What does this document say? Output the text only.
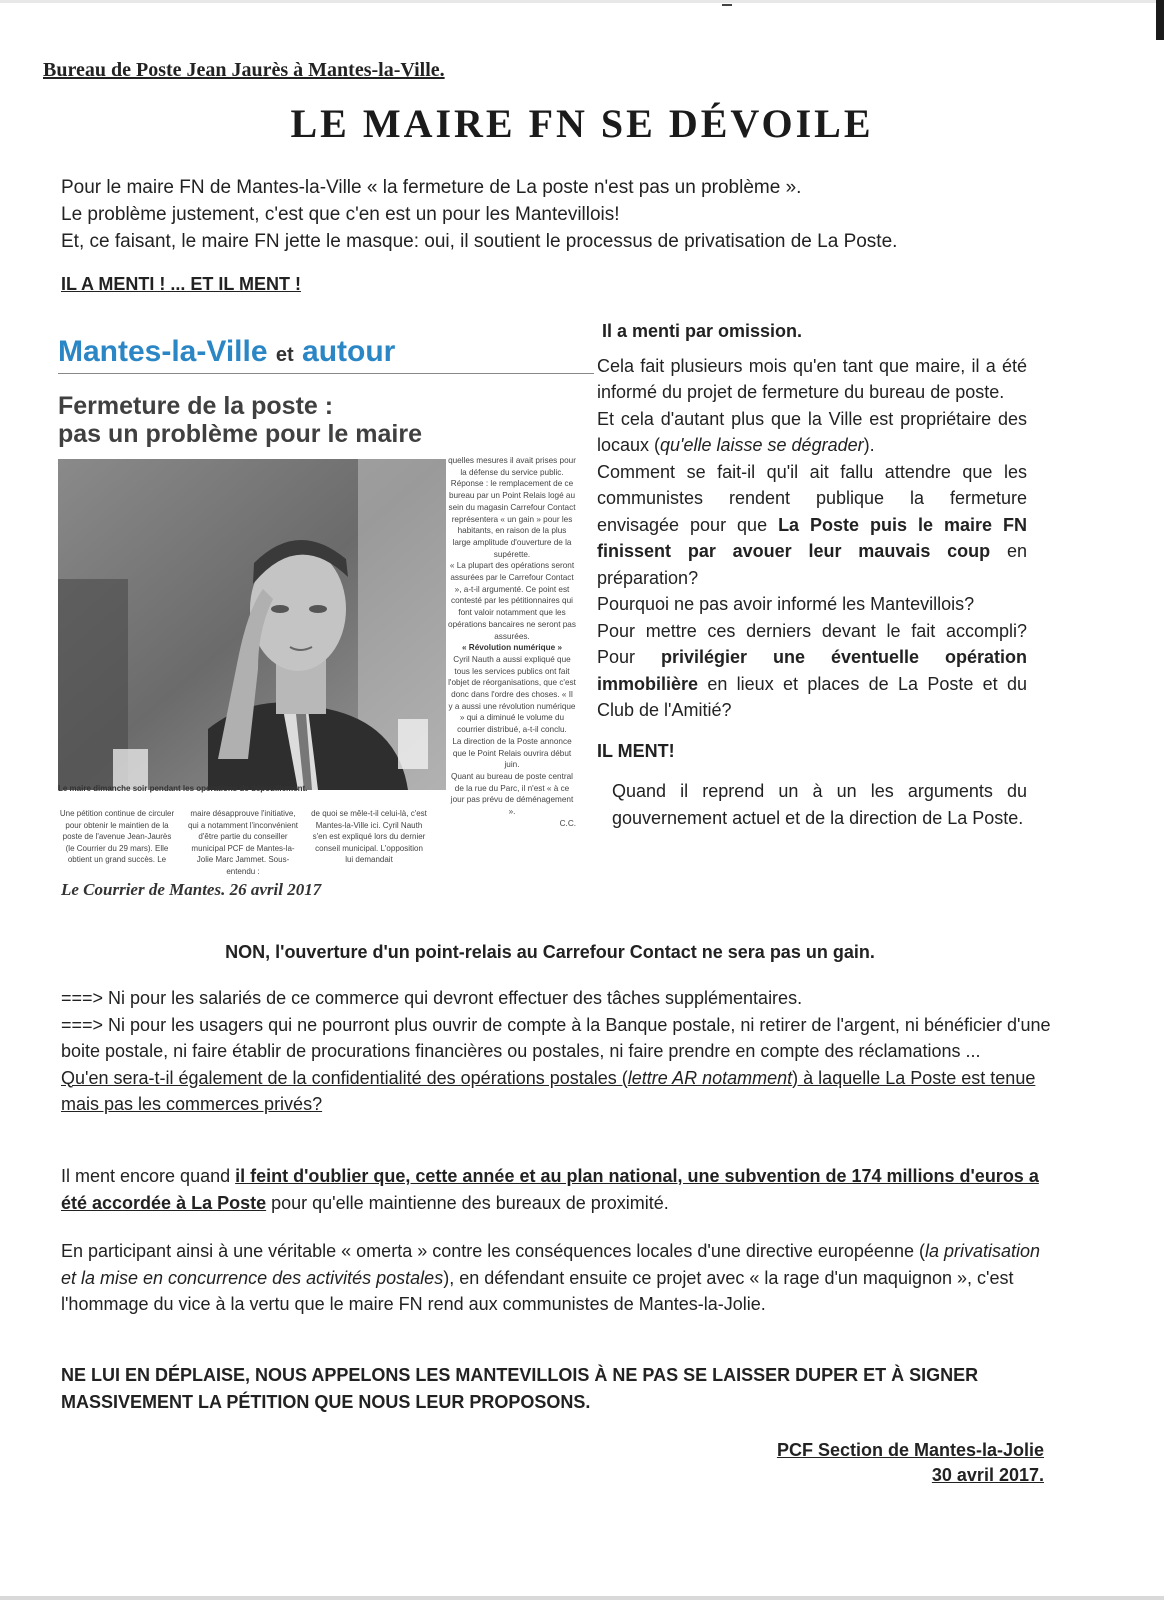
Bureau de Poste Jean Jaurès à Mantes-la-Ville.
LE MAIRE FN SE DÉVOILE

Pour le maire FN de Mantes-la-Ville « la fermeture de La poste n'est pas un problème ».

Le problème justement, c'est que c'en est un pour les Mantevillois!

Et, ce faisant, le maire FN jette le masque: oui, il soutient le processus de privatisation de La Poste.

IL A MENTI ! ... ET IL MENT !
Mantes-la-Ville et autour
Fermeture de la poste :
pas un problème pour le maire
Le maire dimanche soir pendant les opérations de dépouillement.

quelles mesures il avait prises pour la défense du service public. Réponse : le remplacement de ce bureau par un Point Relais logé au sein du magasin Carrefour Contact représentera « un gain » pour les habitants, en raison de la plus large amplitude d'ouverture de la supérette.

« La plupart des opérations seront assurées par le Carrefour Contact », a-t-il argumenté. Ce point est contesté par les pétitionnaires qui font valoir notamment que les opérations bancaires ne seront pas assurées.

« Révolution numérique »

Cyril Nauth a aussi expliqué que tous les services publics ont fait l'objet de réorganisations, que c'est donc dans l'ordre des choses. « Il y a aussi une révolution numérique » qui a diminué le volume du courrier distribué, a-t-il conclu.

La direction de la Poste annonce que le Point Relais ouvrira début juin.

Quant au bureau de poste central de la rue du Parc, il n'est « à ce jour pas prévu de déménagement ».

C.C.

Une pétition continue de circuler pour obtenir le maintien de la poste de l'avenue Jean-Jaurès (le Courrier du 29 mars). Elle obtient un grand succès. Le
maire désapprouve l'initiative, qui a notamment l'inconvénient d'être partie du conseiller municipal PCF de Mantes-la-Jolie Marc Jammet. Sous-entendu :
de quoi se mêle-t-il celui-là, c'est Mantes-la-Ville ici. Cyril Nauth s'en est expliqué lors du dernier conseil municipal. L'opposition lui demandait
Le Courrier de Mantes. 26 avril 2017

Il a menti par omission.

Cela fait plusieurs mois qu'en tant que maire, il a été informé du projet de fermeture du bureau de poste.

Et cela d'autant plus que la Ville est propriétaire des locaux (qu'elle laisse se dégrader).

Comment se fait-il qu'il ait fallu attendre que les communistes rendent publique la fermeture envisagée pour que La Poste puis le maire FN finissent par avouer leur mauvais coup en préparation?

Pourquoi ne pas avoir informé les Mantevillois?

Pour mettre ces derniers devant le fait accompli? Pour privilégier une éventuelle opération immobilière en lieux et places de La Poste et du Club de l'Amitié?

IL MENT!

Quand il reprend un à un les arguments du gouvernement actuel et de la direction de La Poste.

NON, l'ouverture d'un point-relais au Carrefour Contact ne sera pas un gain.

===> Ni pour les salariés de ce commerce qui devront effectuer des tâches supplémentaires.

===> Ni pour les usagers qui ne pourront plus ouvrir de compte à la Banque postale, ni retirer de l'argent, ni bénéficier d'une boite postale, ni faire établir de procurations financières ou postales, ni faire prendre en compte des réclamations ...

Qu'en sera-t-il également de la confidentialité des opérations postales (lettre AR notamment) à laquelle La Poste est tenue mais pas les commerces privés?

Il ment encore quand il feint d'oublier que, cette année et au plan national, une subvention de 174 millions d'euros a été accordée à La Poste pour qu'elle maintienne des bureaux de proximité.

En participant ainsi à une véritable « omerta » contre les conséquences locales d'une directive européenne (la privatisation et la mise en concurrence des activités postales), en défendant ensuite ce projet avec « la rage d'un maquignon », c'est l'hommage du vice à la vertu que le maire FN rend aux communistes de Mantes-la-Jolie.

NE LUI EN DÉPLAISE, NOUS APPELONS LES MANTEVILLOIS À NE PAS SE LAISSER DUPER ET À SIGNER MASSIVEMENT LA PÉTITION QUE NOUS LEUR PROPOSONS.
PCF Section de Mantes-la-Jolie
30 avril 2017.
